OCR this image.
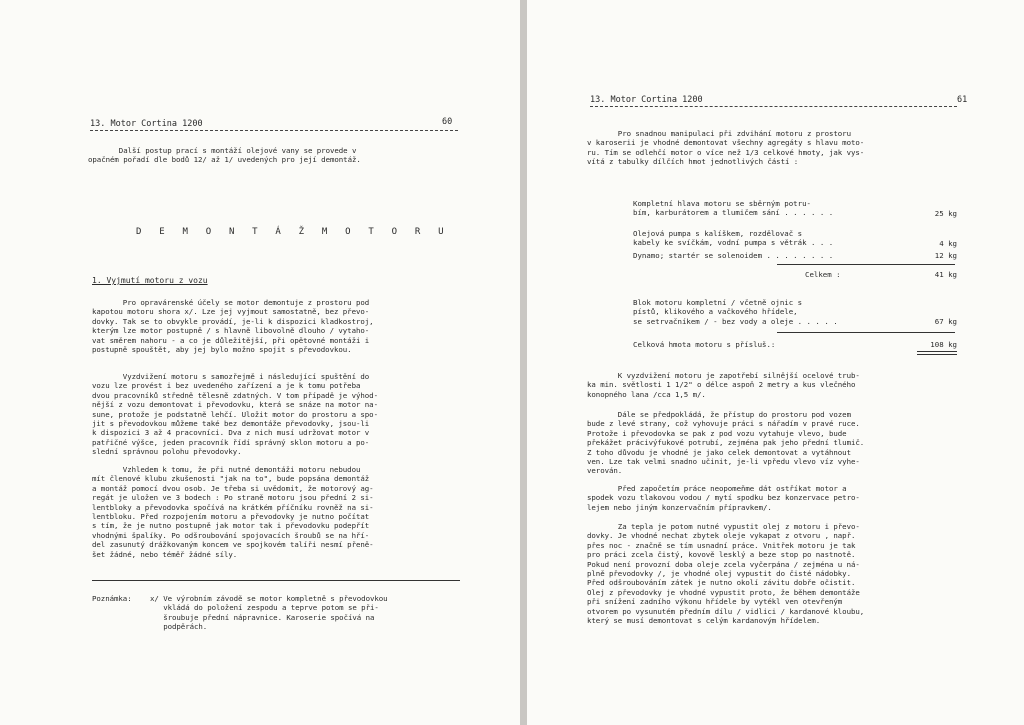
13. Motor Cortina 1200	60
Další postup prací s montáží olejové vany se provede v
opačném pořadí dle bodů 12/ až 1/ uvedených pro její demontáž.
D E M O N T Á Ž M O T O R U
1. Vyjmutí motoru z vozu
Pro opravárenské účely se motor demontuje z prostoru pod
kapotou motoru shora x/. Lze jej vyjmout samostatně, bez převo-
dovky. Tak se to obvykle provádí, je-li k dispozici kladkostroj,
kterým lze motor postupně / s hlavně libovolně dlouho / vytaho-
vat směrem nahoru - a co je důležitější, při opětovné montáži i
postupně spouštět, aby jej bylo možno spojit s převodovkou.
Vyzdvižení motoru s samozřejmě i následující spuštění do
vozu lze provést i bez uvedeného zařízení a je k tomu potřeba
dvou pracovníků středně tělesně zdatných. V tom případě je výhod-
nější z vozu demontovat i převodovku, která se snáze na motor na-
sune, protože je podstatně lehčí. Uložit motor do prostoru a spo-
jit s převodovkou můžeme také bez demontáže převodovky, jsou-li
k dispozici 3 až 4 pracovníci. Dva z nich musí udržovat motor v
patřičné výšce, jeden pracovník řídí správný sklon motoru a po-
slední správnou polohu převodovky.
Vzhledem k tomu, že při nutné demontáži motoru nebudou
mít členové klubu zkušenosti "jak na to", bude popsána demontáž
a montáž pomocí dvou osob. Je třeba si uvědomit, že motorový ag-
regát je uložen ve 3 bodech : Po straně motoru jsou přední 2 si-
lentbloky a převodovka spočívá na krátkém příčníku rovněž na si-
lentbloku. Před rozpojením motoru a převodovky je nutno počítat
s tím, že je nutno postupně jak motor tak i převodovku podepřít
vhodnými špalíky. Po odšroubování spojovacích šroubů se na hří-
del zasunutý drážkovaným koncem ve spojkovém talíři nesmí přeně-
šet žádné, nebo téměř žádné síly.
Poznámka: x/ Ve výrobním závodě se motor kompletně s převodovkou
vkládá do položení zespodu a teprve potom se při-
šroubuje přední nápravnice. Karoserie spočívá na
podpěrách.
13. Motor Cortina 1200	61
Pro snadnou manipulaci při zdvihání motoru z prostoru
v karoserii je vhodné demontovat všechny agregáty s hlavu moto-
ru. Tím se odlehčí motor o více než 1/3 celkové hmoty, jak vys-
vítá z tabulky dílčích hmot jednotlivých částí :
Kompletní hlava motoru se sběrným potru-
bím, karburátorem a tlumičem sání . . . . . .	25 kg
Olejová pumpa s kalíškem, rozdělovač s
kabely ke svíčkám, vodní pumpa s větrák . . .	4 kg
Dynamo; startér se solenoidem . . . . . . . .	12 kg
Celkem :	41 kg
Blok motoru kompletní / včetně ojnic s
pístů, klikového a vačkového hřídele,
se setrvačníkem / - bez vody a oleje . . . . .	67 kg
Celková hmota motoru s přísluš.:	108 kg
K vyzdvižení motoru je zapotřebí silnější ocelové trub-
ka min. světlosti 1 1/2" o délce aspoň 2 metry a kus vlečného
konopného lana /cca 1,5 m/.
Dále se předpokládá, že přístup do prostoru pod vozem
bude z levé strany, což vyhovuje práci s nářadím v pravé ruce.
Protože i převodovka se pak z pod vozu vytahuje vlevo, bude
překážet prácivýfukové potrubí, zejména pak jeho přední tlumič.
Z toho důvodu je vhodné je jako celek demontovat a vytáhnout
ven. Lze tak velmi snadno učinit, je-li vpředu vlevo víz vyhe-
verován.
Před započetím práce neopomeňme dát ostříkat motor a
spodek vozu tlakovou vodou / mytí spodku bez konzervace petro-
lejem nebo jiným konzervačním přípravkem/.
Za tepla je potom nutné vypustit olej z motoru i převo-
dovky. Je vhodné nechat zbytek oleje vykapat z otvoru , např.
přes noc - značně se tím usnadní práce. Vnitřek motoru je tak
pro práci zcela čistý, kovově lesklý a beze stop po nastnotě.
Pokud není provozní doba oleje zcela vyčerpána / zejména u ná-
plně převodovky /, je vhodné olej vypustit do čisté nádobky.
Před odšroubováním zátek je nutno okolí závitu dobře očistit.
Olej z převodovky je vhodné vypustit proto, že během demontáže
při snížení zadního výkonu hřídele by vytékl ven otevřeným
otvorem po vysunutém předním dílu / vidlici / kardanové kloubu,
který se musí demontovat s celým kardanovým hřídelem.
